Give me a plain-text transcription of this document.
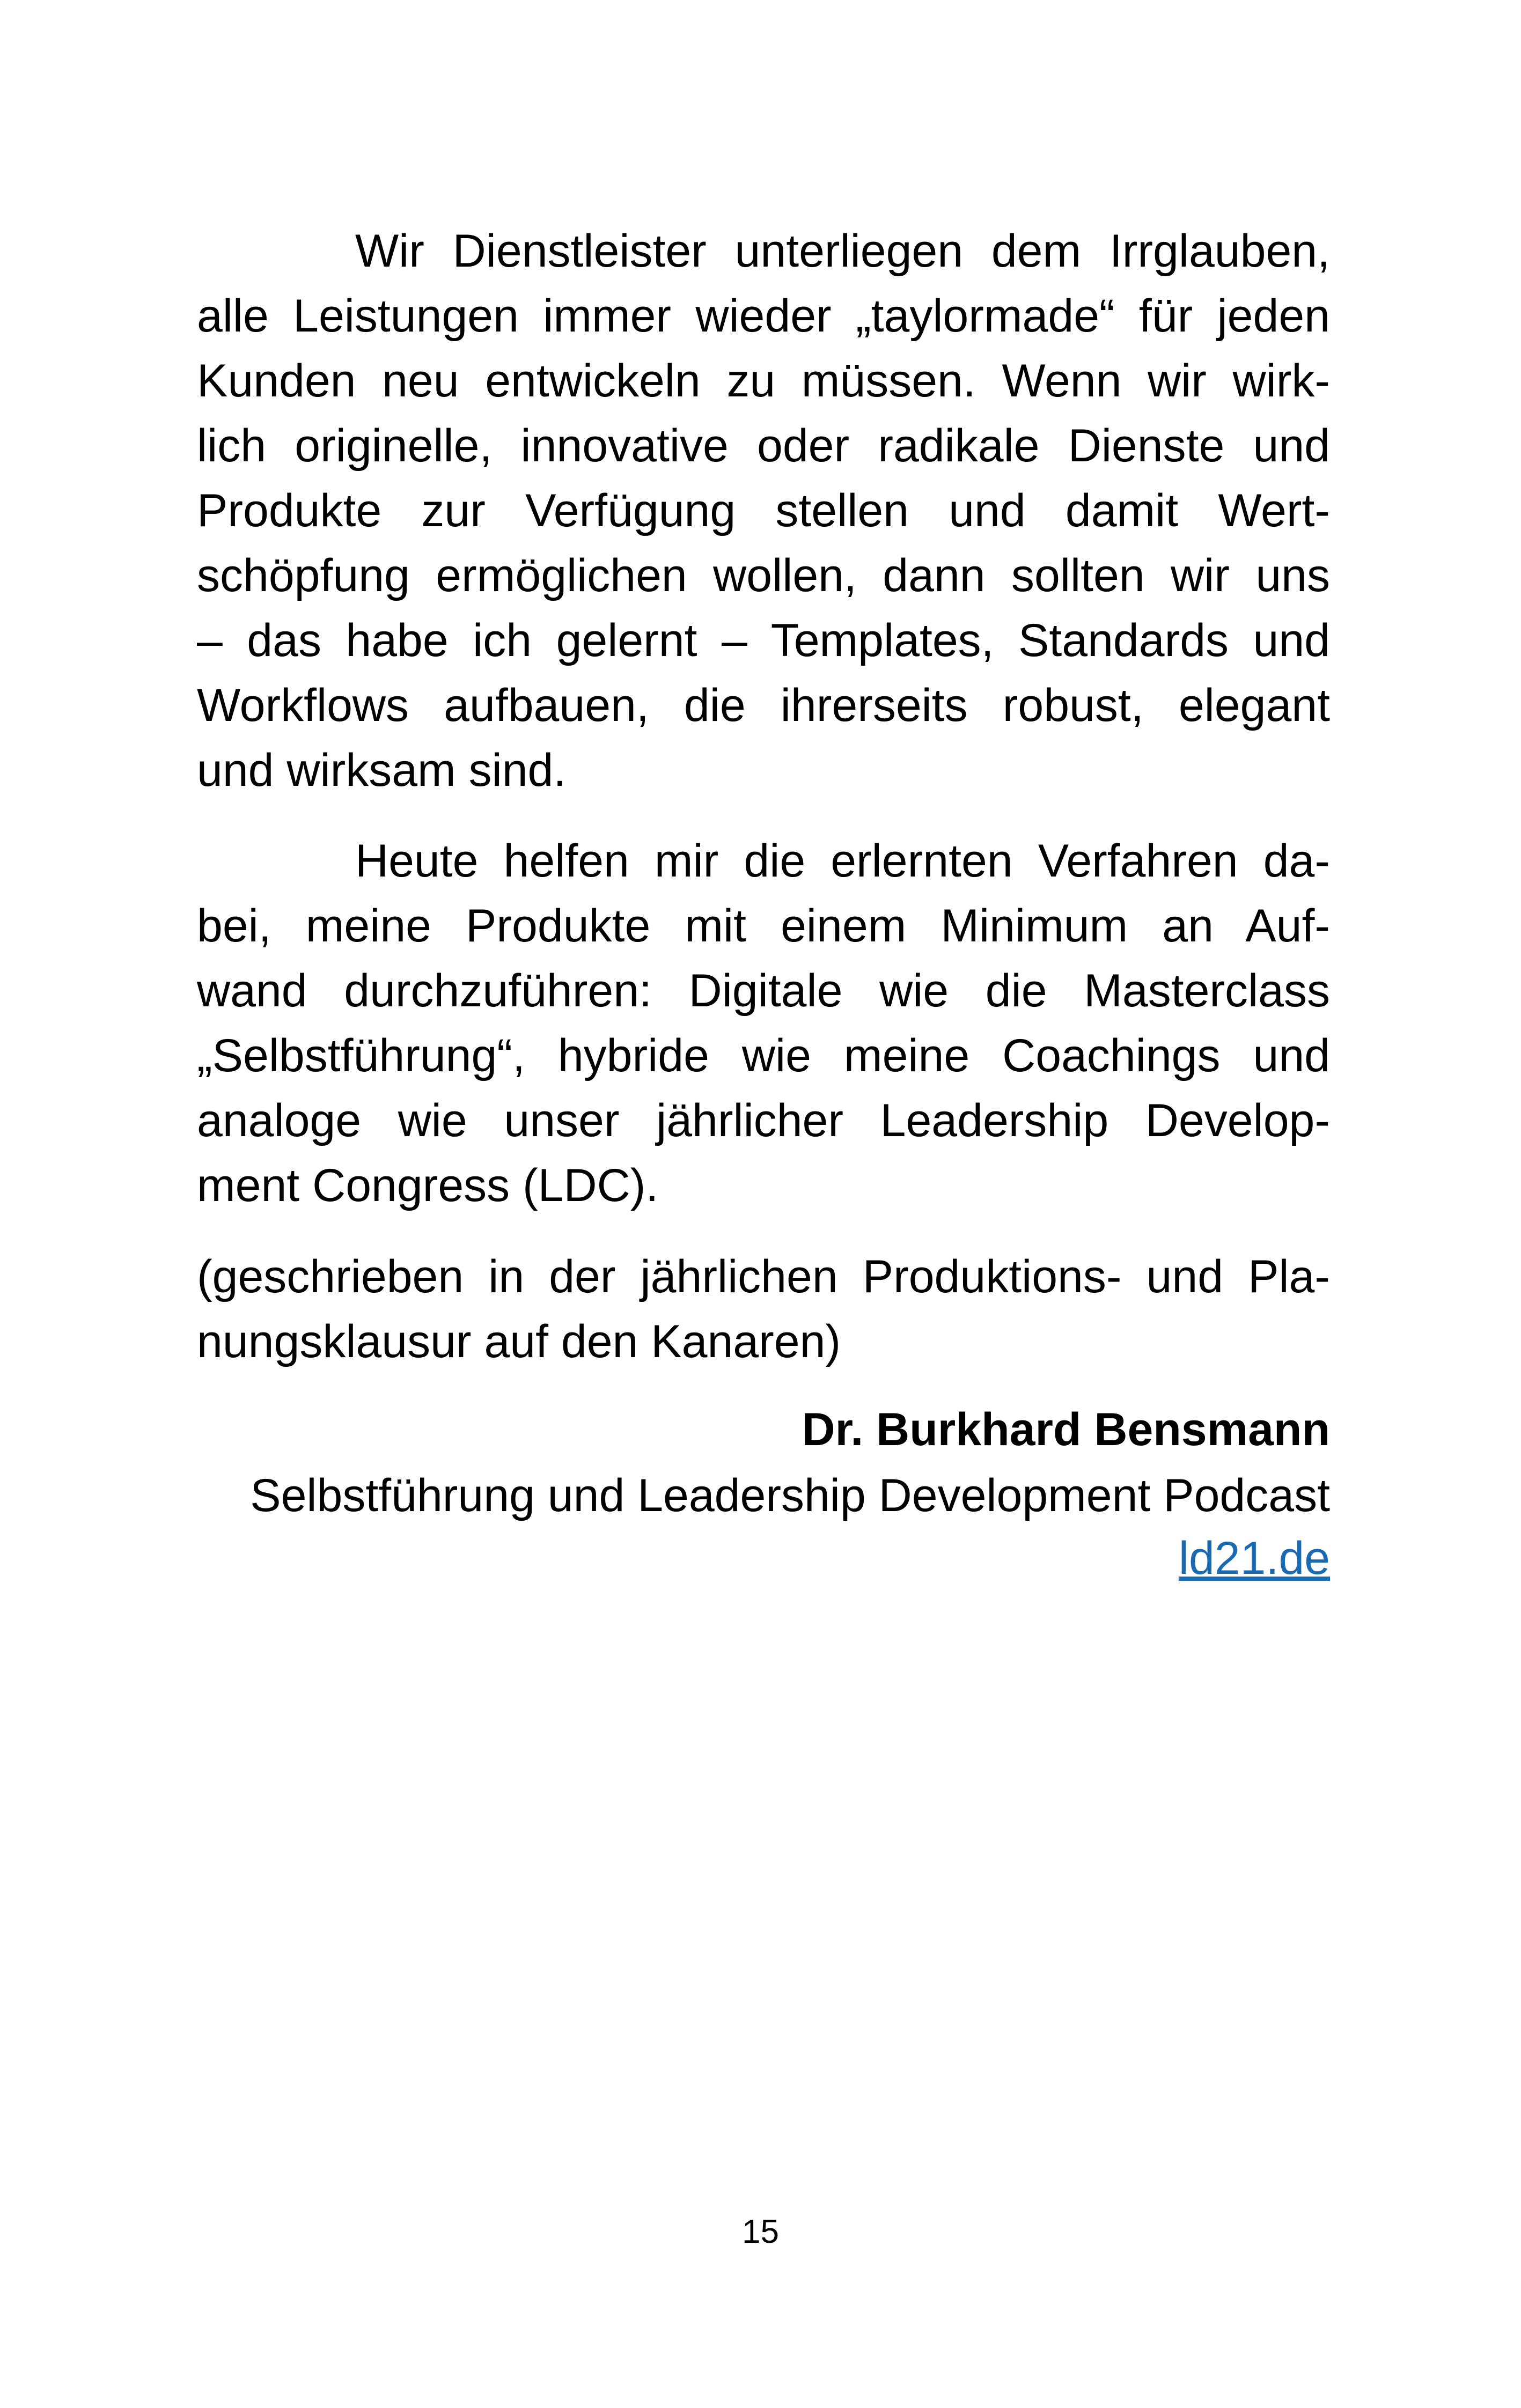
Wir Dienstleister unterliegen dem Irrglauben,
alle Leistungen immer wieder „taylormade“ für jeden
Kunden neu entwickeln zu müssen. Wenn wir wirk-
lich originelle, innovative oder radikale Dienste und
Produkte zur Verfügung stellen und damit Wert-
schöpfung ermöglichen wollen, dann sollten wir uns
– das habe ich gelernt – Templates, Standards und
Workflows aufbauen, die ihrerseits robust, elegant
und wirksam sind.
Heute helfen mir die erlernten Verfahren da-
bei, meine Produkte mit einem Minimum an Auf-
wand durchzuführen: Digitale wie die Masterclass
„Selbstführung“, hybride wie meine Coachings und
analoge wie unser jährlicher Leadership Develop-
ment Congress (LDC).
(geschrieben in der jährlichen Produktions- und Pla-
nungsklausur auf den Kanaren)
Dr. Burkhard Bensmann
Selbstführung und Leadership Development Podcast
ld21.de
15
